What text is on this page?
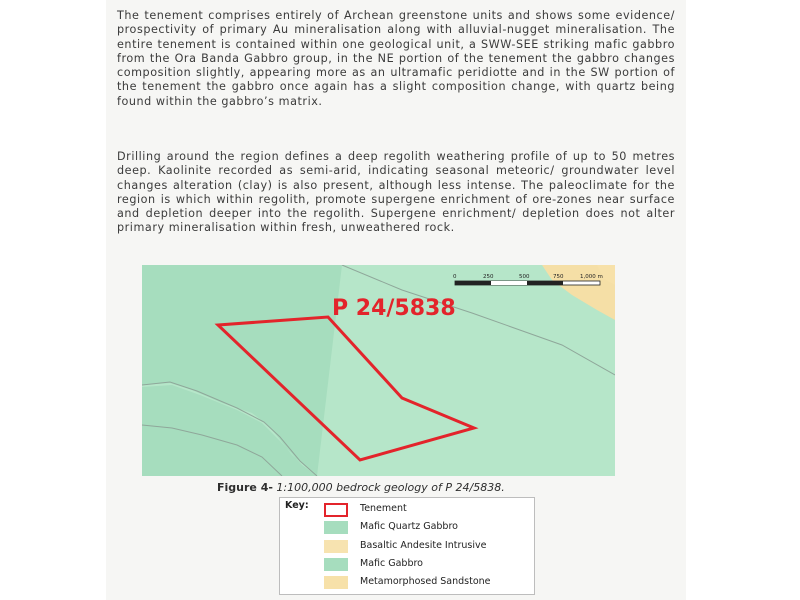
The tenement comprises entirely of Archean greenstone units and shows some evidence/ prospectivity of primary Au mineralisation along with alluvial-nugget mineralisation. The entire tenement is contained within one geological unit, a SWW-SEE striking mafic gabbro from the Ora Banda Gabbro group, in the NE portion of the tenement the gabbro changes composition slightly, appearing more as an ultramafic peridiotte and in the SW portion of the tenement the gabbro once again has a slight composition change, with quartz being found within the gabbro’s matrix.

Drilling around the region defines a deep regolith weathering profile of up to 50 metres deep. Kaolinite recorded as semi-arid, indicating seasonal meteoric/ groundwater level changes alteration (clay) is also present, although less intense. The paleoclimate for the region is which within regolith, promote supergene enrichment of ore-zones near surface and depletion deeper into the regolith. Supergene enrichment/ depletion does not alter primary mineralisation within fresh, unweathered rock.

0	250	500	750	1,000 m
P 24/5838
Figure 4- 1:100,000 bedrock geology of P 24/5838.
Key:	Tenement
Mafic Quartz Gabbro
Basaltic Andesite Intrusive
Mafic Gabbro
Metamorphosed Sandstone
